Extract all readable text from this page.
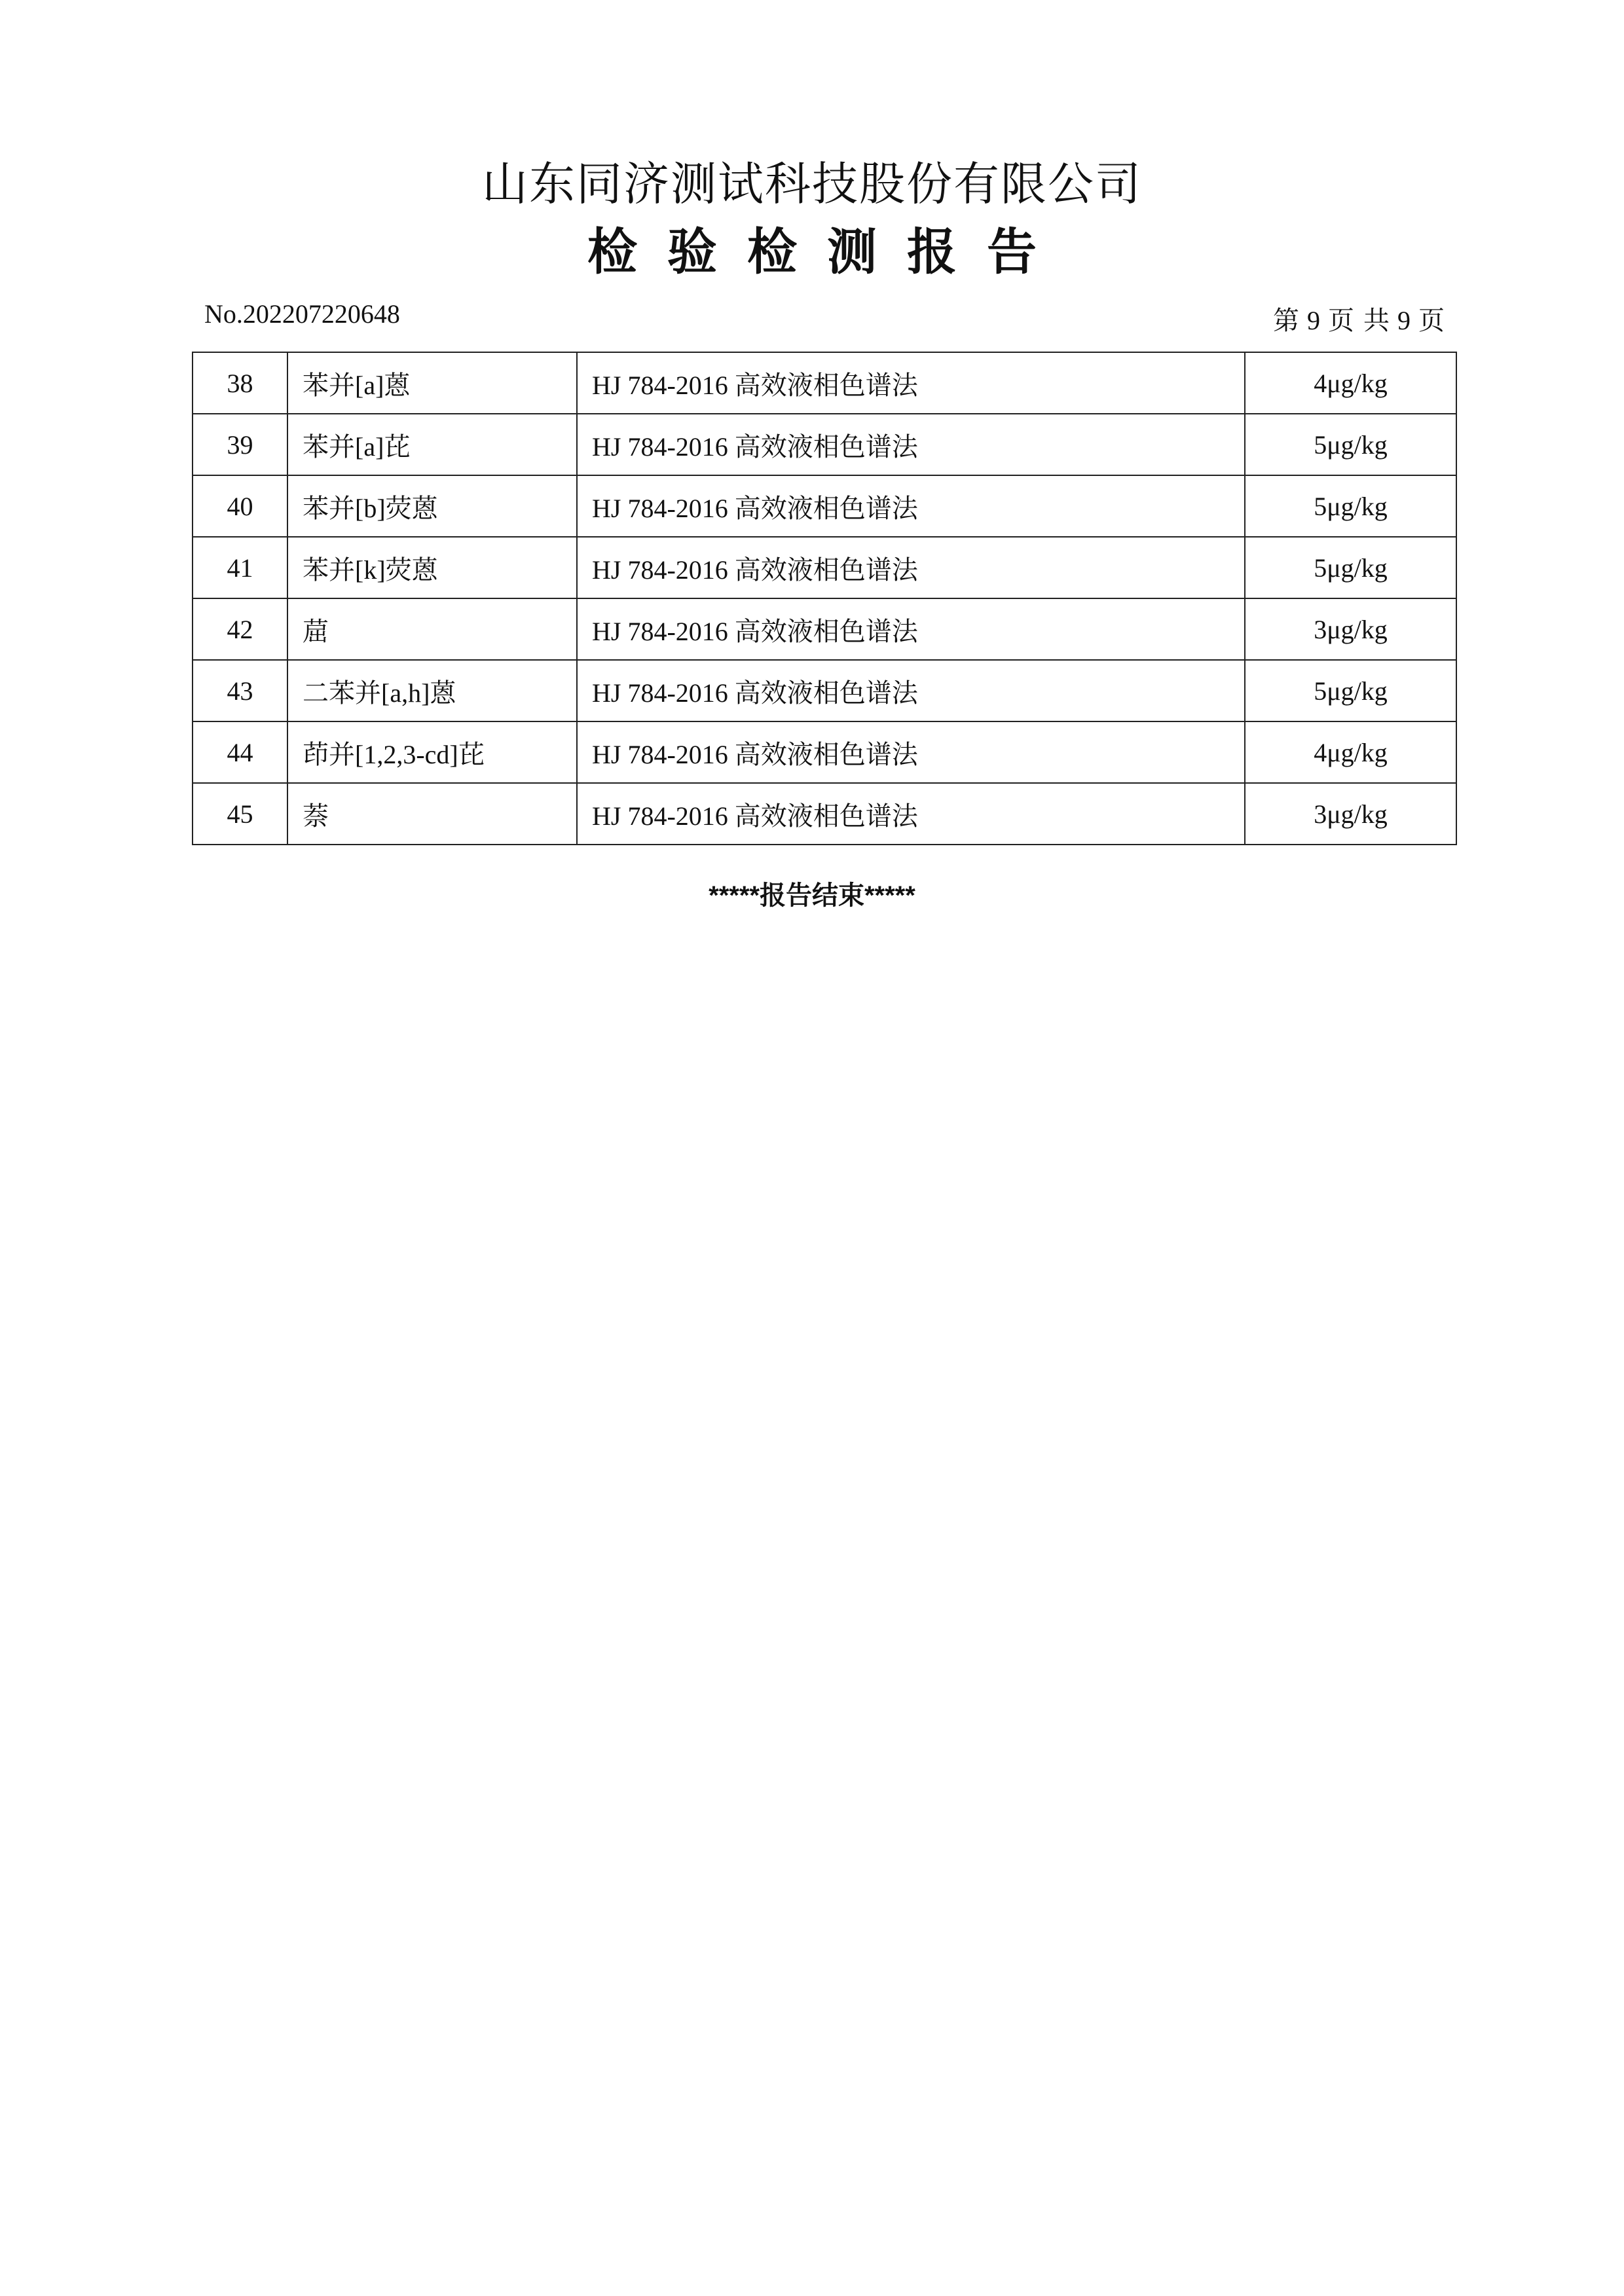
山东同济测试科技股份有限公司
检验检测报告
No.202207220648	第 9 页 共 9 页
38	苯并[a]蒽	HJ 784-2016 高效液相色谱法	4μg/kg
39	苯并[a]芘	HJ 784-2016 高效液相色谱法	5μg/kg
40	苯并[b]荧蒽	HJ 784-2016 高效液相色谱法	5μg/kg
41	苯并[k]荧蒽	HJ 784-2016 高效液相色谱法	5μg/kg
42	䓛	HJ 784-2016 高效液相色谱法	3μg/kg
43	二苯并[a,h]蒽	HJ 784-2016 高效液相色谱法	5μg/kg
44	茚并[1,2,3-cd]芘	HJ 784-2016 高效液相色谱法	4μg/kg
45	萘	HJ 784-2016 高效液相色谱法	3μg/kg
*****报告结束*****
